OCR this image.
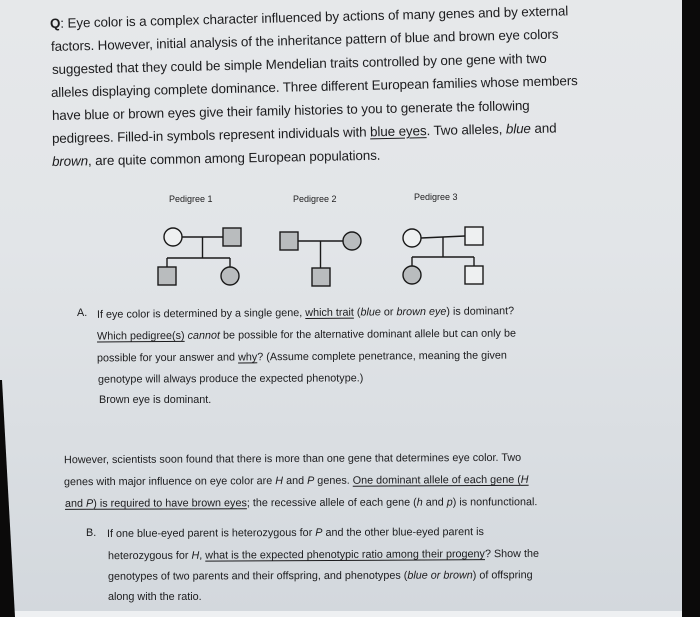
Q: Eye color is a complex character influenced by actions of many genes and by external
factors. However, initial analysis of the inheritance pattern of blue and brown eye colors
suggested that they could be simple Mendelian traits controlled by one gene with two
alleles displaying complete dominance. Three different European families whose members
have blue or brown eyes give their family histories to you to generate the following
pedigrees. Filled-in symbols represent individuals with blue eyes. Two alleles, blue and
brown, are quite common among European populations.
Pedigree 1	Pedigree 2	Pedigree 3
A. If eye color is determined by a single gene, which trait (blue or brown eye) is dominant?
Which pedigree(s) cannot be possible for the alternative dominant allele but can only be
possible for your answer and why? (Assume complete penetrance, meaning the given
genotype will always produce the expected phenotype.)
Brown eye is dominant.
However, scientists soon found that there is more than one gene that determines eye color. Two
genes with major influence on eye color are H and P genes. One dominant allele of each gene (H
and P) is required to have brown eyes; the recessive allele of each gene (h and p) is nonfunctional.
B. If one blue-eyed parent is heterozygous for P and the other blue-eyed parent is
heterozygous for H, what is the expected phenotypic ratio among their progeny? Show the
genotypes of two parents and their offspring, and phenotypes (blue or brown) of offspring
along with the ratio.
